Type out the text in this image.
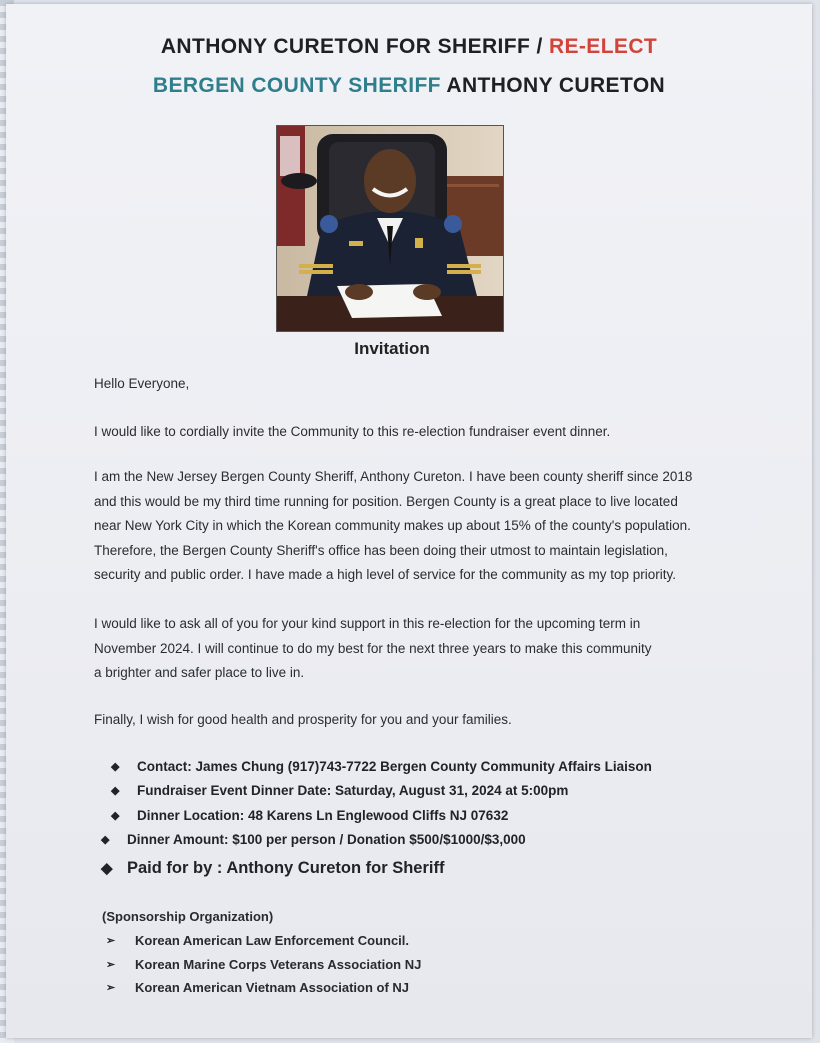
ANTHONY CURETON FOR SHERIFF / RE-ELECT
BERGEN COUNTY SHERIFF ANTHONY CURETON
Invitation
Hello Everyone,
I would like to cordially invite the Community to this re-election fundraiser event dinner.
I am the New Jersey Bergen County Sheriff, Anthony Cureton. I have been county sheriff since 2018
and this would be my third time running for position. Bergen County is a great place to live located
near New York City in which the Korean community makes up about 15% of the county's population.
Therefore, the Bergen County Sheriff's office has been doing their utmost to maintain legislation,
security and public order. I have made a high level of service for the community as my top priority.
I would like to ask all of you for your kind support in this re-election for the upcoming term in
November 2024. I will continue to do my best for the next three years to make this community
a brighter and safer place to live in.
Finally, I wish for good health and prosperity for you and your families.
◆ Contact: James Chung (917)743-7722 Bergen County Community Affairs Liaison
◆ Fundraiser Event Dinner Date: Saturday, August 31, 2024 at 5:00pm
◆ Dinner Location: 48 Karens Ln Englewood Cliffs NJ 07632
◆ Dinner Amount: $100 per person / Donation $500/$1000/$3,000
◆ Paid for by : Anthony Cureton for Sheriff
(Sponsorship Organization)
➢	Korean American Law Enforcement Council.
➢	Korean Marine Corps Veterans Association NJ
➢	Korean American Vietnam Association of NJ
